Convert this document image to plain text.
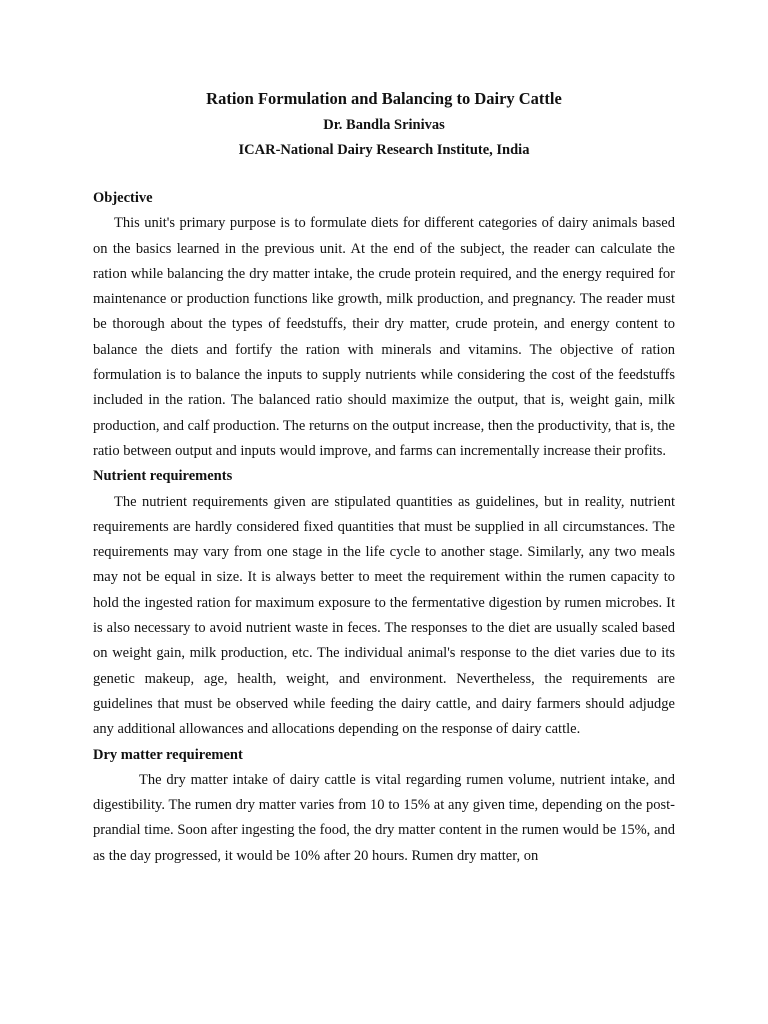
Ration Formulation and Balancing to Dairy Cattle
Dr. Bandla Srinivas
ICAR-National Dairy Research Institute, India

Objective

This unit's primary purpose is to formulate diets for different categories of dairy animals based on the basics learned in the previous unit. At the end of the subject, the reader can calculate the ration while balancing the dry matter intake, the crude protein required, and the energy required for maintenance or production functions like growth, milk production, and pregnancy. The reader must be thorough about the types of feedstuffs, their dry matter, crude protein, and energy content to balance the diets and fortify the ration with minerals and vitamins. The objective of ration formulation is to balance the inputs to supply nutrients while considering the cost of the feedstuffs included in the ration. The balanced ratio should maximize the output, that is, weight gain, milk production, and calf production. The returns on the output increase, then the productivity, that is, the ratio between output and inputs would improve, and farms can incrementally increase their profits.

Nutrient requirements

The nutrient requirements given are stipulated quantities as guidelines, but in reality, nutrient requirements are hardly considered fixed quantities that must be supplied in all circumstances. The requirements may vary from one stage in the life cycle to another stage. Similarly, any two meals may not be equal in size. It is always better to meet the requirement within the rumen capacity to hold the ingested ration for maximum exposure to the fermentative digestion by rumen microbes. It is also necessary to avoid nutrient waste in feces. The responses to the diet are usually scaled based on weight gain, milk production, etc. The individual animal's response to the diet varies due to its genetic makeup, age, health, weight, and environment. Nevertheless, the requirements are guidelines that must be observed while feeding the dairy cattle, and dairy farmers should adjudge any additional allowances and allocations depending on the response of dairy cattle.

Dry matter requirement

The dry matter intake of dairy cattle is vital regarding rumen volume, nutrient intake, and digestibility. The rumen dry matter varies from 10 to 15% at any given time, depending on the post-prandial time. Soon after ingesting the food, the dry matter content in the rumen would be 15%, and as the day progressed, it would be 10% after 20 hours. Rumen dry matter, on
